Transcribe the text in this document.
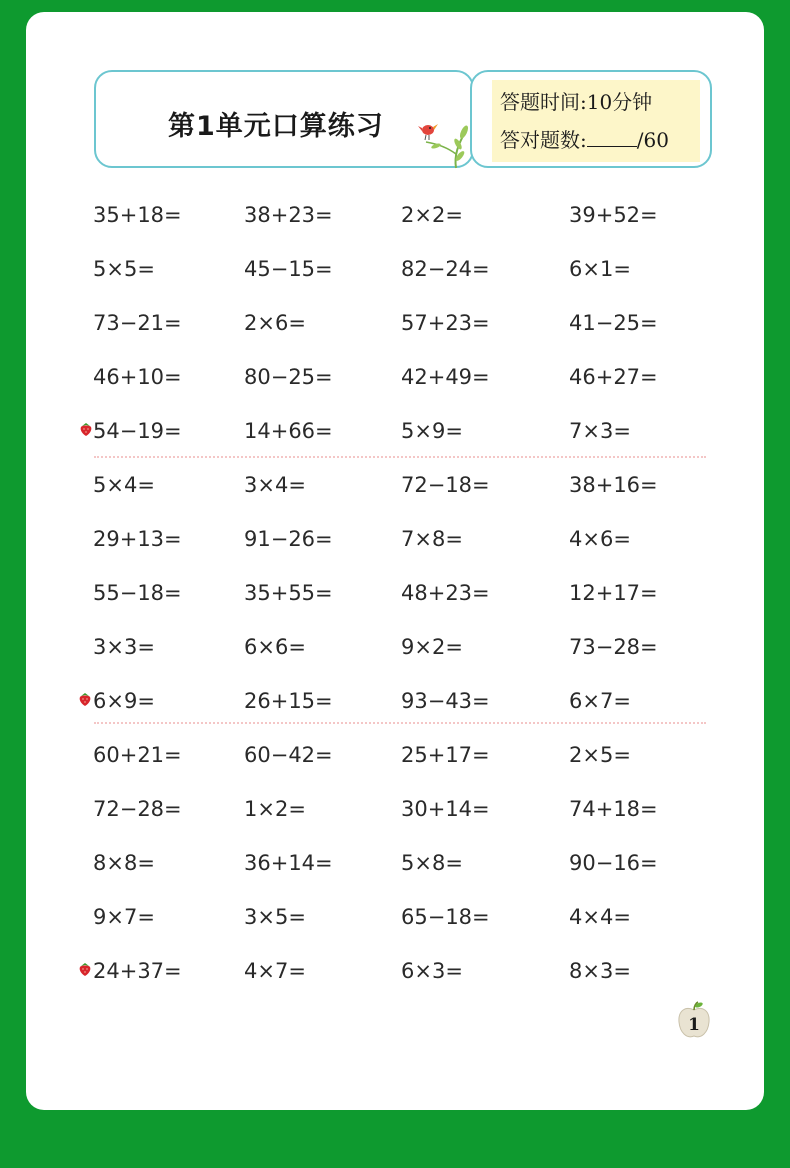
第1单元口算练习
答题时间:10分钟
答对题数:	/60
35+18=	38+23=	2×2=	39+52=
5×5=	45−15=	82−24=	6×1=
73−21=	2×6=	57+23=	41−25=
46+10=	80−25=	42+49=	46+27=
54−19=	14+66=	5×9=	7×3=
5×4=	3×4=	72−18=	38+16=
29+13=	91−26=	7×8=	4×6=
55−18=	35+55=	48+23=	12+17=
3×3=	6×6=	9×2=	73−28=
6×9=	26+15=	93−43=	6×7=
60+21=	60−42=	25+17=	2×5=
72−28=	1×2=	30+14=	74+18=
8×8=	36+14=	5×8=	90−16=
9×7=	3×5=	65−18=	4×4=
24+37=	4×7=	6×3=	8×3=
1
